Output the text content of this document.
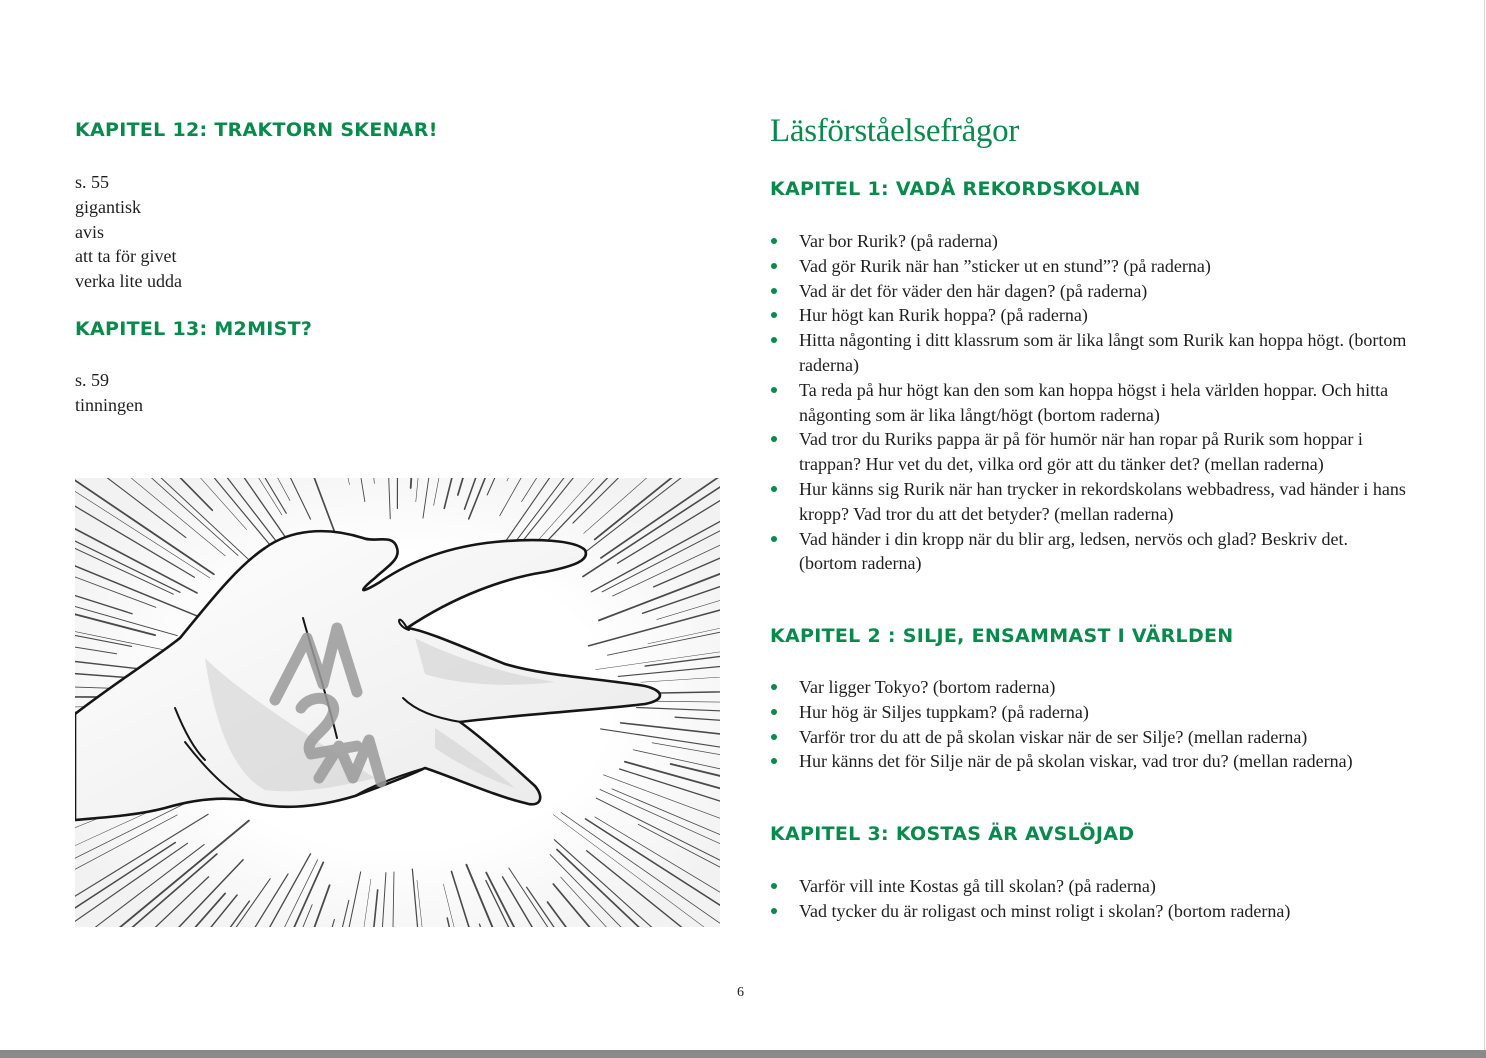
KAPITEL 12: TRAKTORN SKENAR!
s. 55
gigantisk
avis
att ta för givet
verka lite udda
KAPITEL 13: M2MIST?
s. 59
tinningen
Läsförståelsefrågor
KAPITEL 1: VADÅ REKORDSKOLAN
Var bor Rurik? (på raderna)
Vad gör Rurik när han ”sticker ut en stund”? (på raderna)
Vad är det för väder den här dagen? (på raderna)
Hur högt kan Rurik hoppa? (på raderna)
Hitta någonting i ditt klassrum som är lika långt som Rurik kan hoppa högt. (bortom raderna)
Ta reda på hur högt kan den som kan hoppa högst i hela världen hoppar. Och hitta någonting som är lika långt/högt (bortom raderna)
Vad tror du Ruriks pappa är på för humör när han ropar på Rurik som hoppar i trappan? Hur vet du det, vilka ord gör att du tänker det? (mellan raderna)
Hur känns sig Rurik när han trycker in rekordskolans webbadress, vad händer i hans kropp? Vad tror du att det betyder? (mellan raderna)
Vad händer i din kropp när du blir arg, ledsen, nervös och glad? Beskriv det. (bortom raderna)
KAPITEL 2 : SILJE, ENSAMMAST I VÄRLDEN
Var ligger Tokyo? (bortom raderna)
Hur hög är Siljes tuppkam? (på raderna)
Varför tror du att de på skolan viskar när de ser Silje? (mellan raderna)
Hur känns det för Silje när de på skolan viskar, vad tror du? (mellan raderna)
KAPITEL 3: KOSTAS ÄR AVSLÖJAD
Varför vill inte Kostas gå till skolan? (på raderna)
Vad tycker du är roligast och minst roligt i skolan? (bortom raderna)
6
